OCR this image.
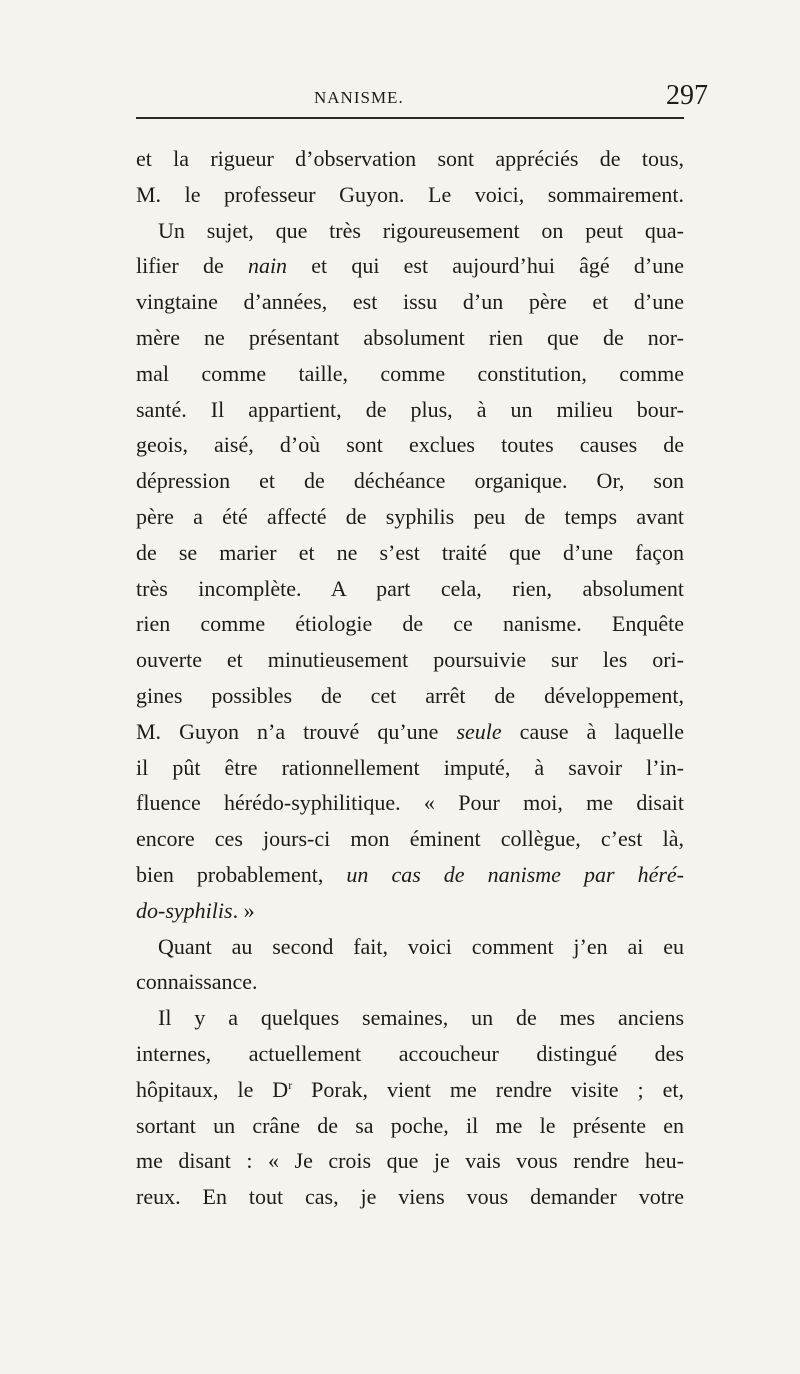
NANISME.	297
et la rigueur d’observation sont appréciés de tous,
M. le professeur Guyon. Le voici, sommairement.
Un sujet, que très rigoureusement on peut qua-
lifier de nain et qui est aujourd’hui âgé d’une
vingtaine d’années, est issu d’un père et d’une
mère ne présentant absolument rien que de nor-
mal comme taille, comme constitution, comme
santé. Il appartient, de plus, à un milieu bour-
geois, aisé, d’où sont exclues toutes causes de
dépression et de déchéance organique. Or, son
père a été affecté de syphilis peu de temps avant
de se marier et ne s’est traité que d’une façon
très incomplète. A part cela, rien, absolument
rien comme étiologie de ce nanisme. Enquête
ouverte et minutieusement poursuivie sur les ori-
gines possibles de cet arrêt de développement,
M. Guyon n’a trouvé qu’une seule cause à laquelle
il pût être rationnellement imputé, à savoir l’in-
fluence hérédo-syphilitique. « Pour moi, me disait
encore ces jours-ci mon éminent collègue, c’est là,
bien probablement, un cas de nanisme par héré-
do-syphilis. »
Quant au second fait, voici comment j’en ai eu
connaissance.
Il y a quelques semaines, un de mes anciens
internes, actuellement accoucheur distingué des
hôpitaux, le $D^r$ Porak, vient me rendre visite ; et,
sortant un crâne de sa poche, il me le présente en
me disant : « Je crois que je vais vous rendre heu-
reux. En tout cas, je viens vous demander votre
